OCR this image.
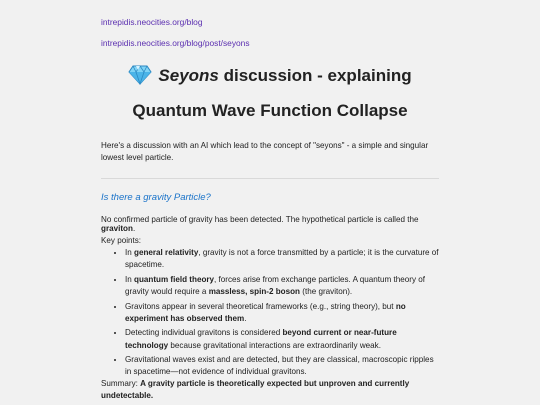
intrepidis.neocities.org/blog
intrepidis.neocities.org/blog/post/seyons
Seyons discussion - explaining Quantum Wave Function Collapse
Here's a discussion with an AI which lead to the concept of "seyons" - a simple and singular lowest level particle.
Is there a gravity Particle?
No confirmed particle of gravity has been detected. The hypothetical particle is called the graviton.
Key points:
• In general relativity, gravity is not a force transmitted by a particle; it is the curvature of spacetime.
• In quantum field theory, forces arise from exchange particles. A quantum theory of gravity would require a massless, spin-2 boson (the graviton).
• Gravitons appear in several theoretical frameworks (e.g., string theory), but no experiment has observed them.
• Detecting individual gravitons is considered beyond current or near-future technology because gravitational interactions are extraordinarily weak.
• Gravitational waves exist and are detected, but they are classical, macroscopic ripples in spacetime—not evidence of individual gravitons.
Summary: A gravity particle is theoretically expected but unproven and currently undetectable.
